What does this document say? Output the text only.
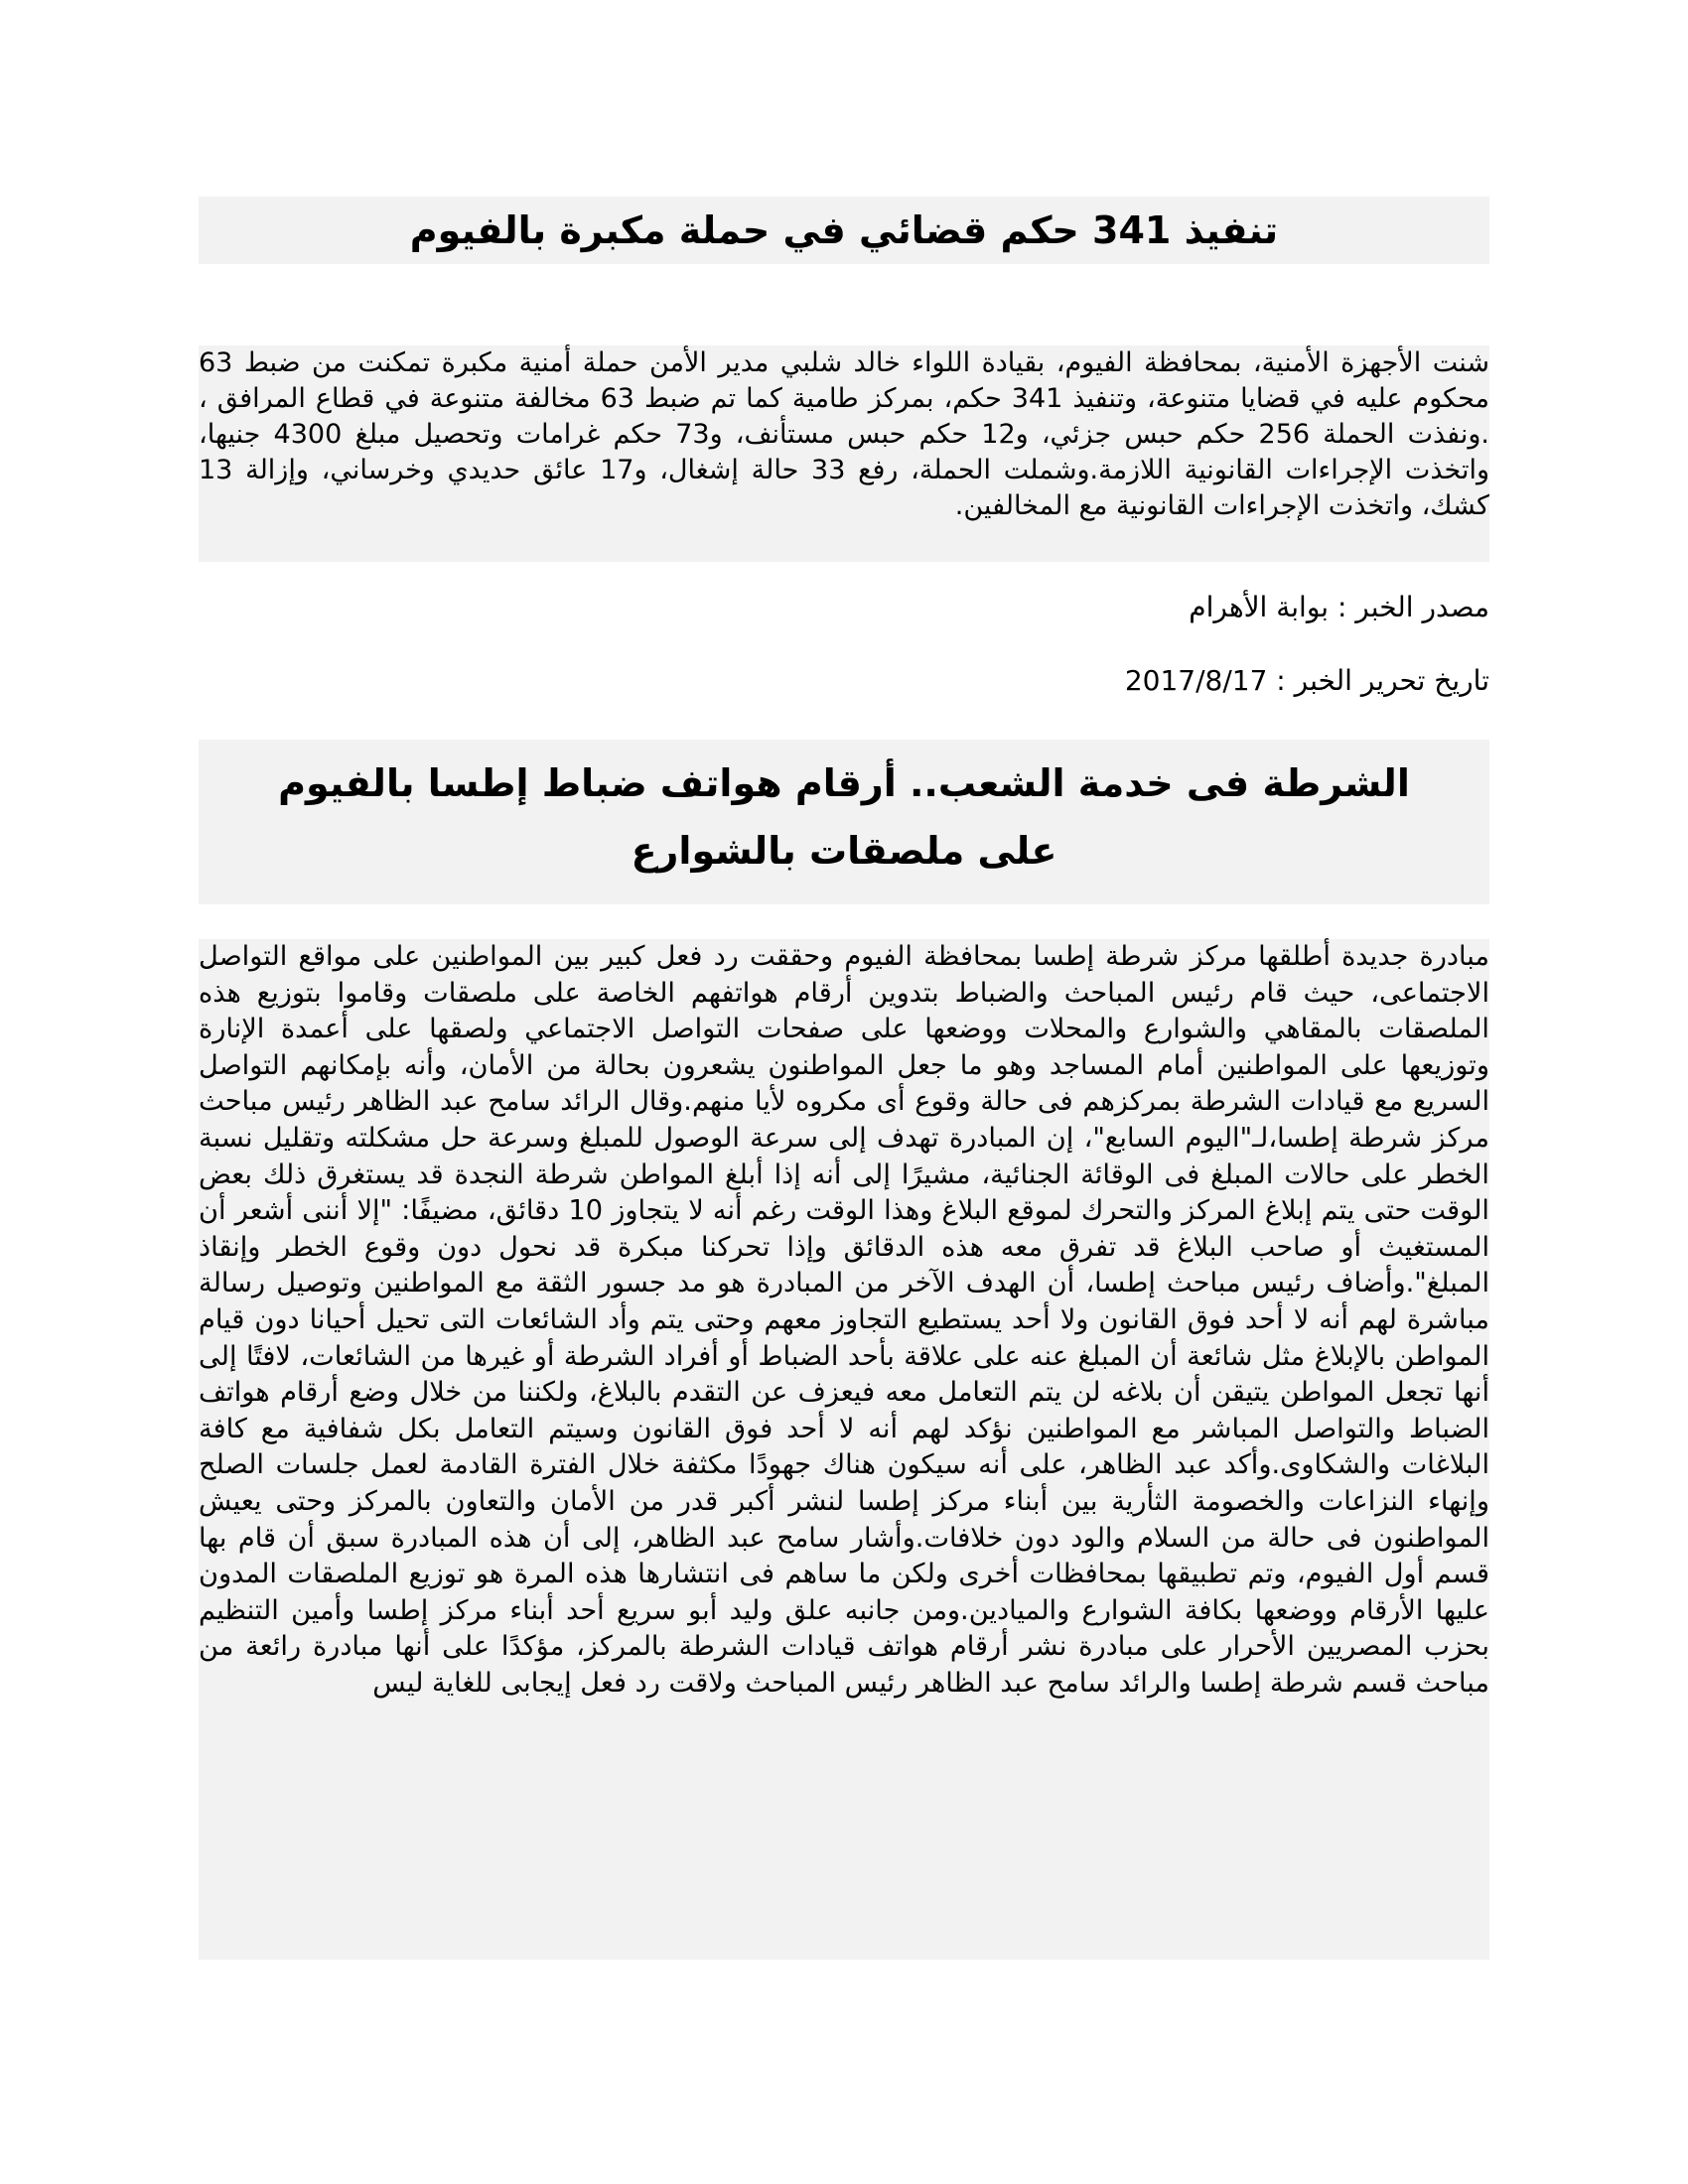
تنفيذ 341 حكم قضائي في حملة مكبرة بالفيوم
شنت الأجهزة الأمنية، بمحافظة الفيوم، بقيادة اللواء خالد شلبي مدير الأمن حملة أمنية مكبرة تمكنت من ضبط 63 محكوم عليه في قضايا متنوعة، وتنفيذ 341 حكم، بمركز طامية كما تم ضبط 63 مخالفة متنوعة في قطاع المرافق ، .ونفذت الحملة 256 حكم حبس جزئي، و12 حكم حبس مستأنف، و73 حكم غرامات وتحصيل مبلغ 4300 جنيها، واتخذت الإجراءات القانونية اللازمة.وشملت الحملة، رفع 33 حالة إشغال، و17 عائق حديدي وخرساني، وإزالة 13 كشك، واتخذت الإجراءات القانونية مع المخالفين.
مصدر الخبر : بوابة الأهرام
تاريخ تحرير الخبر : 2017/8/17
الشرطة فى خدمة الشعب.. أرقام هواتف ضباط إطسا بالفيوم على ملصقات بالشوارع
مبادرة جديدة أطلقها مركز شرطة إطسا بمحافظة الفيوم وحققت رد فعل كبير بين المواطنين على مواقع التواصل الاجتماعى، حيث قام رئيس المباحث والضباط بتدوين أرقام هواتفهم الخاصة على ملصقات وقاموا بتوزيع هذه الملصقات بالمقاهي والشوارع والمحلات ووضعها على صفحات التواصل الاجتماعي ولصقها على أعمدة الإنارة وتوزيعها على المواطنين أمام المساجد وهو ما جعل المواطنون يشعرون بحالة من الأمان، وأنه بإمكانهم التواصل السريع مع قيادات الشرطة بمركزهم فى حالة وقوع أى مكروه لأيا منهم.وقال الرائد سامح عبد الظاهر رئيس مباحث مركز شرطة إطسا،لـ"اليوم السابع"، إن المبادرة تهدف إلى سرعة الوصول للمبلغ وسرعة حل مشكلته وتقليل نسبة الخطر على حالات المبلغ فى الوقائة الجنائية، مشيرًا إلى أنه إذا أبلغ المواطن شرطة النجدة قد يستغرق ذلك بعض الوقت حتى يتم إبلاغ المركز والتحرك لموقع البلاغ وهذا الوقت رغم أنه لا يتجاوز 10 دقائق، مضيفًا: "إلا أننى أشعر أن المستغيث أو صاحب البلاغ قد تفرق معه هذه الدقائق وإذا تحركنا مبكرة قد نحول دون وقوع الخطر وإنقاذ المبلغ".وأضاف رئيس مباحث إطسا، أن الهدف الآخر من المبادرة هو مد جسور الثقة مع المواطنين وتوصيل رسالة مباشرة لهم أنه لا أحد فوق القانون ولا أحد يستطيع التجاوز معهم وحتى يتم وأد الشائعات التى تحيل أحيانا دون قيام المواطن بالإبلاغ مثل شائعة أن المبلغ عنه على علاقة بأحد الضباط أو أفراد الشرطة أو غيرها من الشائعات، لافتًا إلى أنها تجعل المواطن يتيقن أن بلاغه لن يتم التعامل معه فيعزف عن التقدم بالبلاغ، ولكننا من خلال وضع أرقام هواتف الضباط والتواصل المباشر مع المواطنين نؤكد لهم أنه لا أحد فوق القانون وسيتم التعامل بكل شفافية مع كافة البلاغات والشكاوى.وأكد عبد الظاهر، على أنه سيكون هناك جهودًا مكثفة خلال الفترة القادمة لعمل جلسات الصلح وإنهاء النزاعات والخصومة الثأرية بين أبناء مركز إطسا لنشر أكبر قدر من الأمان والتعاون بالمركز وحتى يعيش المواطنون فى حالة من السلام والود دون خلافات.وأشار سامح عبد الظاهر، إلى أن هذه المبادرة سبق أن قام بها قسم أول الفيوم، وتم تطبيقها بمحافظات أخرى ولكن ما ساهم فى انتشارها هذه المرة هو توزيع الملصقات المدون عليها الأرقام ووضعها بكافة الشوارع والميادين.ومن جانبه علق وليد أبو سريع أحد أبناء مركز إطسا وأمين التنظيم بحزب المصريين الأحرار على مبادرة نشر أرقام هواتف قيادات الشرطة بالمركز، مؤكدًا على أنها مبادرة رائعة من مباحث قسم شرطة إطسا والرائد سامح عبد الظاهر رئيس المباحث ولاقت رد فعل إيجابى للغاية ليس
